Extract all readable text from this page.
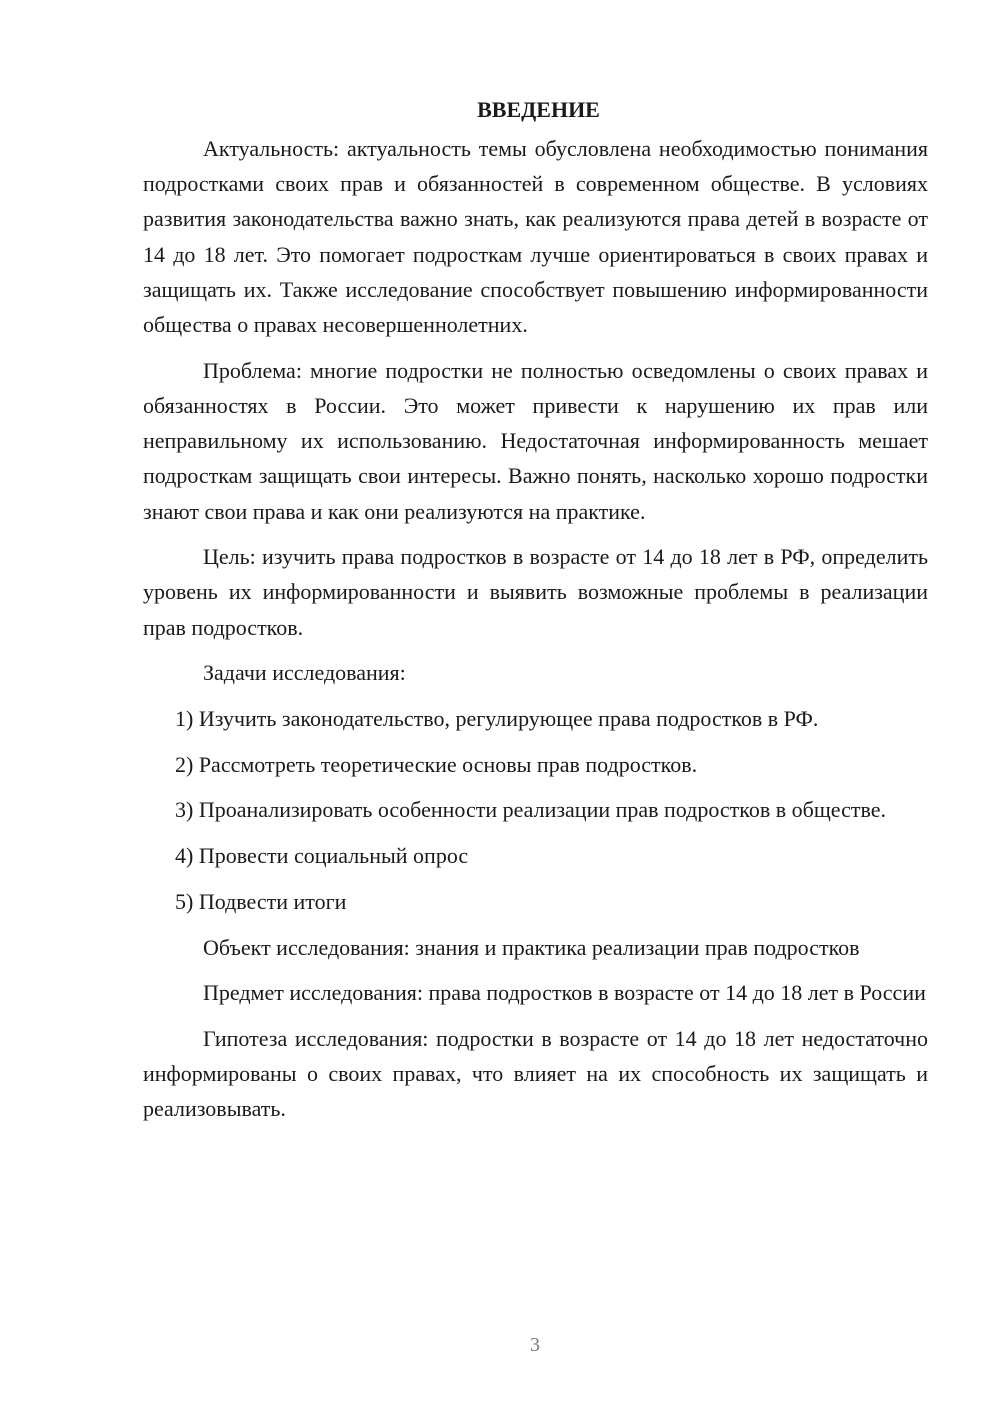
ВВЕДЕНИЕ

Актуальность: актуальность темы обусловлена необходимостью понимания подростками своих прав и обязанностей в современном обществе. В условиях развития законодательства важно знать, как реализуются права детей в возрасте от 14 до 18 лет. Это помогает подросткам лучше ориентироваться в своих правах и защищать их. Также исследование способствует повышению информированности общества о правах несовершеннолетних.

Проблема: многие подростки не полностью осведомлены о своих правах и обязанностях в России. Это может привести к нарушению их прав или неправильному их использованию. Недостаточная информированность мешает подросткам защищать свои интересы. Важно понять, насколько хорошо подростки знают свои права и как они реализуются на практике.

Цель: изучить права подростков в возрасте от 14 до 18 лет в РФ, определить уровень их информированности и выявить возможные проблемы в реализации прав подростков.

Задачи исследования:

1) Изучить законодательство, регулирующее права подростков в РФ.

2) Рассмотреть теоретические основы прав подростков.

3) Проанализировать особенности реализации прав подростков в обществе.

4) Провести социальный опрос

5) Подвести итоги

Объект исследования: знания и практика реализации прав подростков

Предмет исследования: права подростков в возрасте от 14 до 18 лет в России

Гипотеза исследования: подростки в возрасте от 14 до 18 лет недостаточно информированы о своих правах, что влияет на их способность их защищать и реализовывать.

3
